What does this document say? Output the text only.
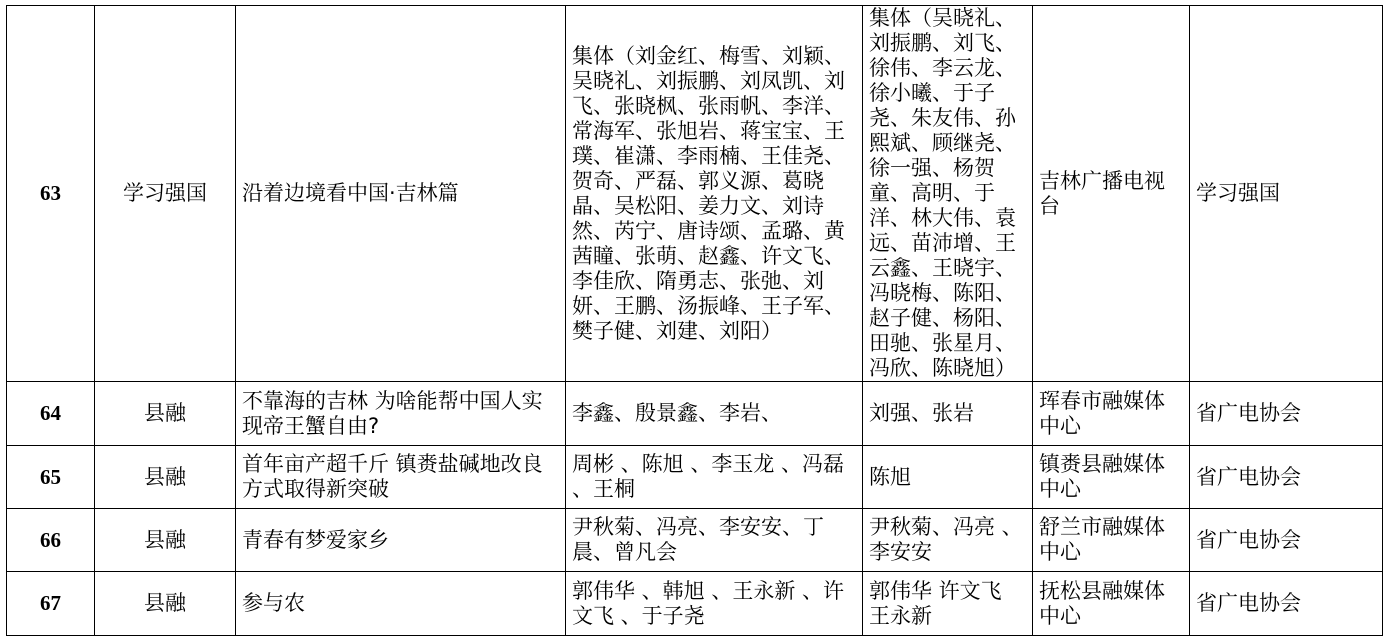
63	学习强国	沿着边境看中国·吉林篇	集体（刘金红、梅雪、刘颖、吴晓礼、刘振鹏、刘凤凯、刘飞、张晓枫、张雨帆、李洋、常海军、张旭岩、蒋宝宝、王璞、崔潇、李雨楠、王佳尧、贺奇、严磊、郭义源、葛晓晶、吴松阳、姜力文、刘诗然、芮宁、唐诗颂、孟璐、黄茜瞳、张萌、赵鑫、许文飞、李佳欣、隋勇志、张弛、刘妍、王鹏、汤振峰、王子军、樊子健、刘建、刘阳）	集体（吴晓礼、刘振鹏、刘飞、徐伟、李云龙、徐小曦、于子尧、朱友伟、孙熙斌、顾继尧、徐一强、杨贺童、高明、于洋、林大伟、袁远、苗沛增、王云鑫、王晓宇、冯晓梅、陈阳、赵子健、杨阳、田驰、张星月、冯欣、陈晓旭）	吉林广播电视台	学习强国
64	县融	不靠海的吉林 为啥能帮中国人实现帝王蟹自由?	李鑫、殷景鑫、李岩、	刘强、张岩	珲春市融媒体中心	省广电协会
65	县融	首年亩产超千斤 镇赉盐碱地改良方式取得新突破	周彬 、陈旭 、李玉龙 、冯磊 、王桐	陈旭	镇赉县融媒体中心	省广电协会
66	县融	青春有梦爱家乡	尹秋菊、冯亮、李安安、丁晨、曾凡会	尹秋菊、冯亮 、李安安	舒兰市融媒体中心	省广电协会
67	县融	参与农	郭伟华 、韩旭 、王永新 、许文飞 、于子尧	郭伟华 许文飞 王永新	抚松县融媒体中心	省广电协会
